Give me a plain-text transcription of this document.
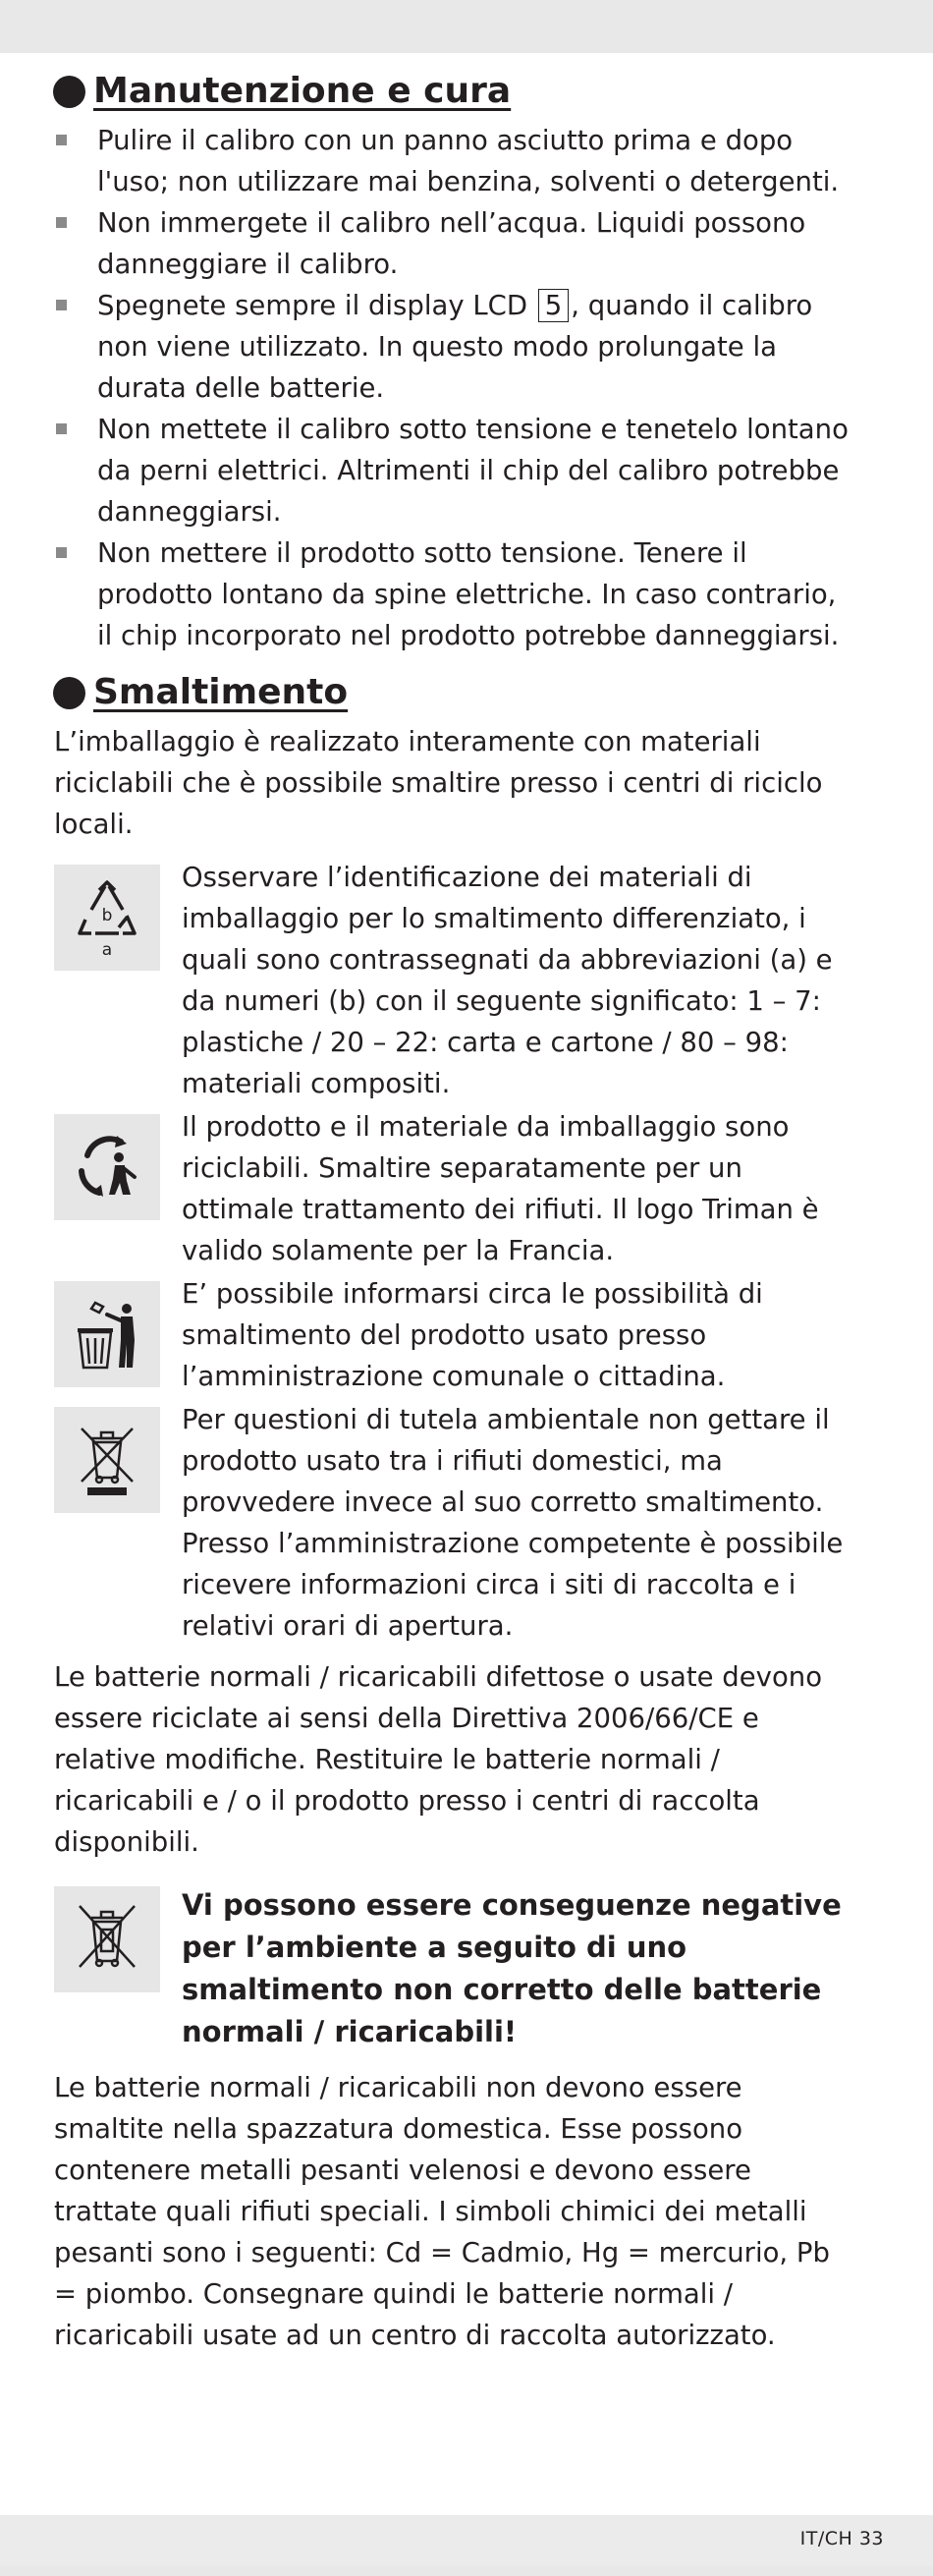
Manutenzione e cura
Pulire il calibro con un panno asciutto prima e dopo l'uso; non utilizzare mai benzina, solventi o detergenti.
Non immergete il calibro nell’acqua. Liquidi possono danneggiare il calibro.
Spegnete sempre il display LCD 5 , quando il calibro non viene utilizzato. In questo modo prolungate la durata delle batterie.
Non mettete il calibro sotto tensione e tenetelo lontano da perni elettrici. Altrimenti il chip del calibro potrebbe danneggiarsi.
Non mettere il prodotto sotto tensione. Tenere il prodotto lontano da spine elettriche. In caso contrario, il chip incorporato nel prodotto potrebbe danneggiarsi.
Smaltimento

L’imballaggio è realizzato interamente con materiali riciclabili che è possibile smaltire presso i centri di riciclo locali.

b
a

Osservare l’identificazione dei materiali di imballaggio per lo smaltimento differenziato, i quali sono contrassegnati da abbreviazioni (a) e da numeri (b) con il seguente significato: 1 – 7: plastiche / 20 – 22: carta e cartone / 80 – 98: materiali compositi.

Il prodotto e il materiale da imballaggio sono riciclabili. Smaltire separatamente per un ottimale trattamento dei rifiuti. Il logo Triman è valido solamente per la Francia.

E’ possibile informarsi circa le possibilità di smaltimento del prodotto usato presso l’amministrazione comunale o cittadina.

Per questioni di tutela ambientale non gettare il prodotto usato tra i rifiuti domestici, ma provvedere invece al suo corretto smaltimento. Presso l’amministrazione competente è possibile ricevere informazioni circa i siti di raccolta e i relativi orari di apertura.

Le batterie normali / ricaricabili difettose o usate devono essere riciclate ai sensi della Direttiva 2006/66/CE e relative modifiche. Restituire le batterie normali / ricaricabili e / o il prodotto presso i centri di raccolta disponibili.

Vi possono essere conseguenze negative per l’ambiente a seguito di uno smaltimento non corretto delle batterie normali / ricaricabili!

Le batterie normali / ricaricabili non devono essere smaltite nella spazzatura domestica. Esse possono contenere metalli pesanti velenosi e devono essere trattate quali rifiuti speciali. I simboli chimici dei metalli pesanti sono i seguenti: Cd = Cadmio, Hg = mercurio, Pb = piombo. Consegnare quindi le batterie normali / ricaricabili usate ad un centro di raccolta autorizzato.

IT/CH 33
